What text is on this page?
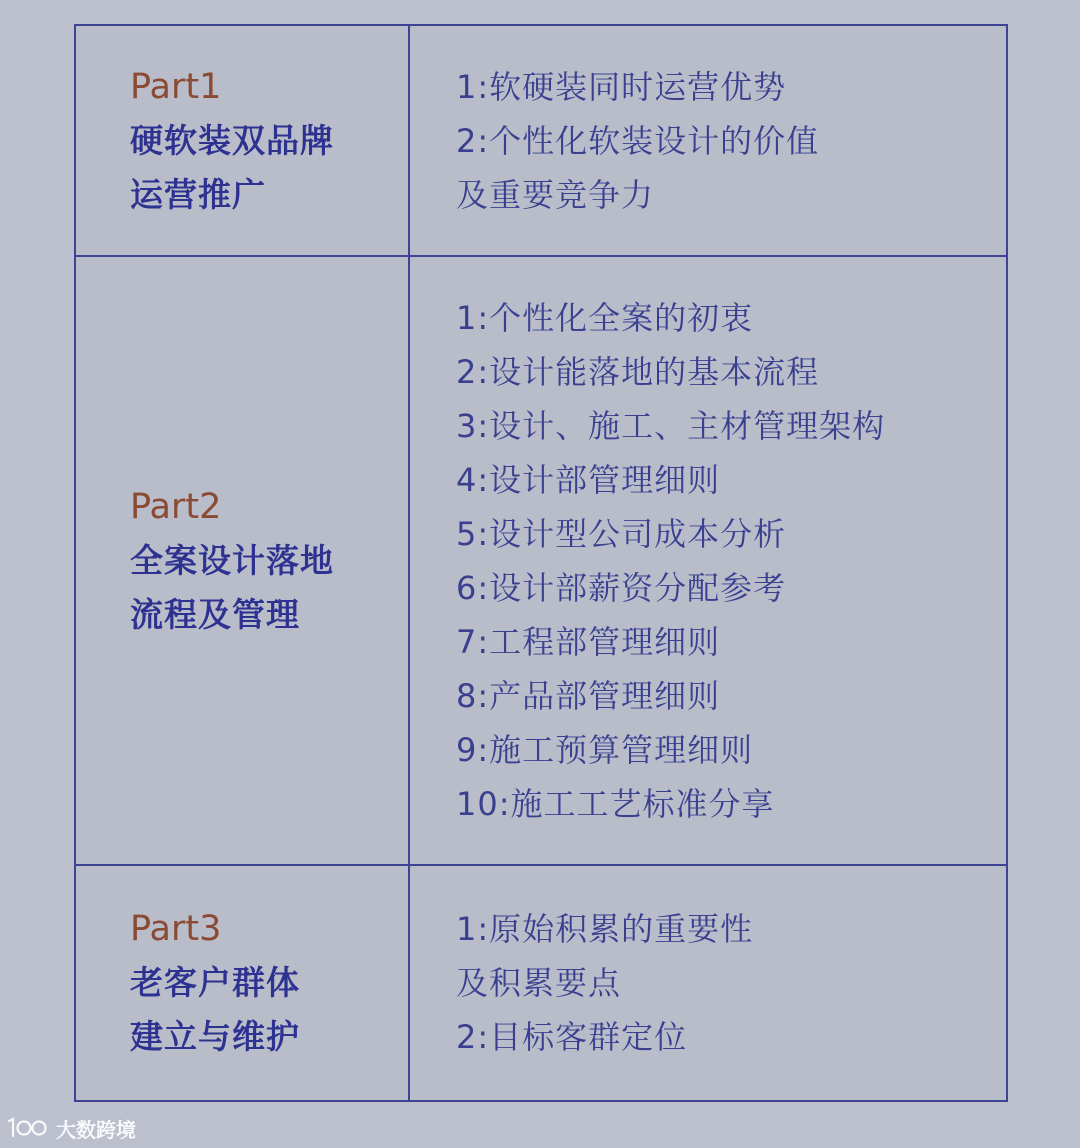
Part1
硬软装双品牌
运营推广
1:软硬装同时运营优势
2:个性化软装设计的价值
及重要竞争力
Part2
全案设计落地
流程及管理
1:个性化全案的初衷
2:设计能落地的基本流程
3:设计、施工、主材管理架构
4:设计部管理细则
5:设计型公司成本分析
6:设计部薪资分配参考
7:工程部管理细则
8:产品部管理细则
9:施工预算管理细则
10:施工工艺标准分享
Part3
老客户群体
建立与维护
1:原始积累的重要性
及积累要点
2:目标客群定位
大数跨境
